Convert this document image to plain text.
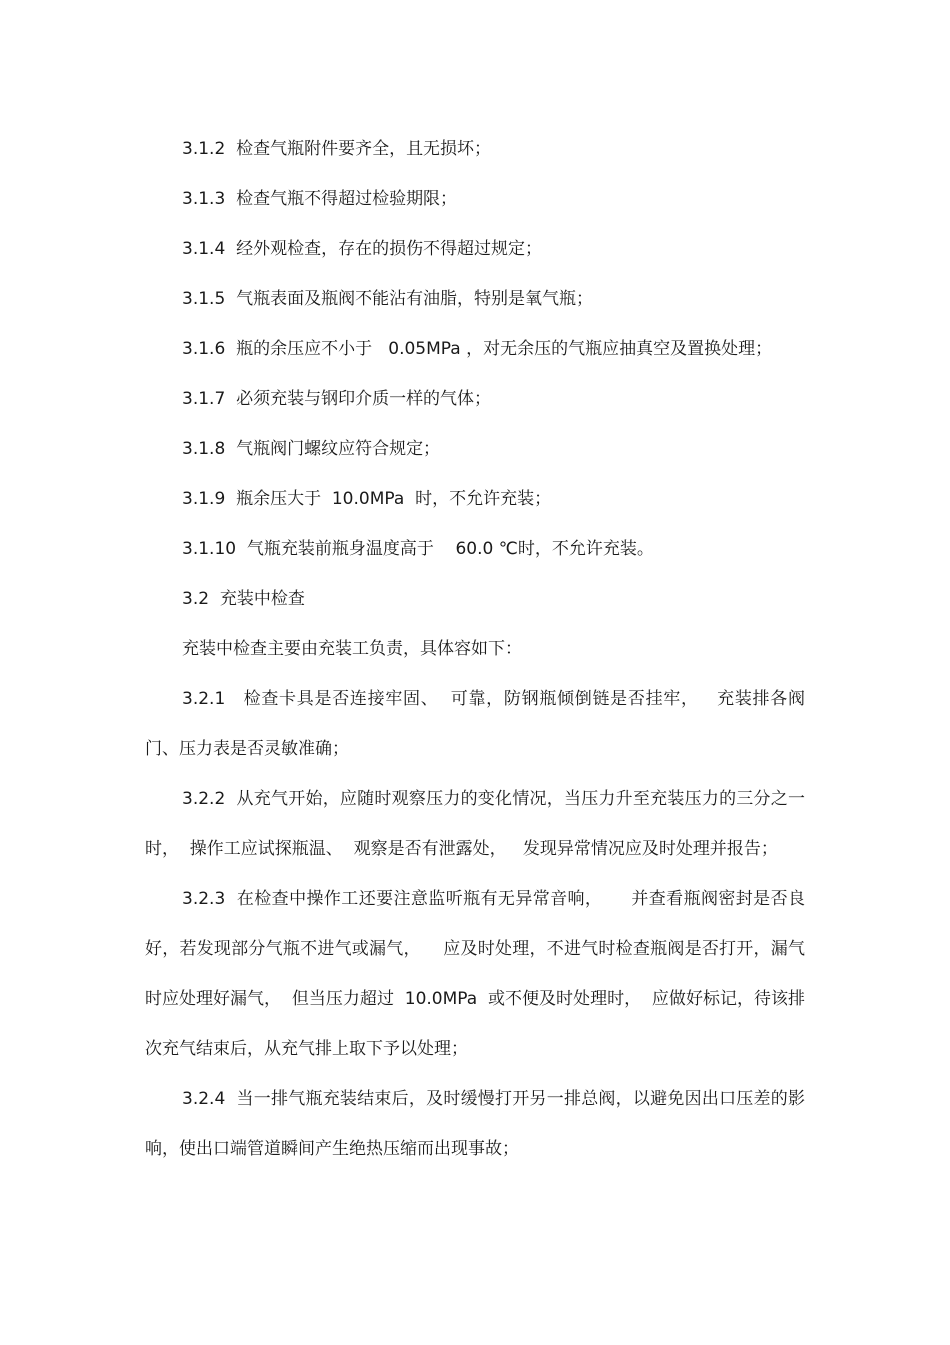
3.1.2  检查气瓶附件要齐全，且无损坏；

3.1.3  检查气瓶不得超过检验期限；

3.1.4  经外观检查，存在的损伤不得超过规定；

3.1.5  气瓶表面及瓶阀不能沾有油脂，特别是氧气瓶；

3.1.6  瓶的余压应不小于   0.05MPa ，对无余压的气瓶应抽真空及置换处理；

3.1.7  必须充装与钢印介质一样的气体；

3.1.8  气瓶阀门螺纹应符合规定；

3.1.9  瓶余压大于  10.0MPa  时，不允许充装；

3.1.10  气瓶充装前瓶身温度高于    60.0 ℃时，不允许充装。

3.2  充装中检查

充装中检查主要由充装工负责，具体容如下：

3.2.1   检查卡具是否连接牢固、  可靠，防钢瓶倾倒链是否挂牢，   充装排各阀门、压力表是否灵敏准确；

3.2.2  从充气开始，应随时观察压力的变化情况，当压力升至充装压力的三分之一时，  操作工应试探瓶温、  观察是否有泄露处，   发现异常情况应及时处理并报告；

3.2.3  在检查中操作工还要注意监听瓶有无异常音响，     并查看瓶阀密封是否良好，若发现部分气瓶不进气或漏气，    应及时处理，不进气时检查瓶阀是否打开，漏气时应处理好漏气，  但当压力超过  10.0MPa  或不便及时处理时，  应做好标记，待该排次充气结束后，从充气排上取下予以处理；

3.2.4  当一排气瓶充装结束后，及时缓慢打开另一排总阀，以避免因出口压差的影响，使出口端管道瞬间产生绝热压缩而出现事故；
